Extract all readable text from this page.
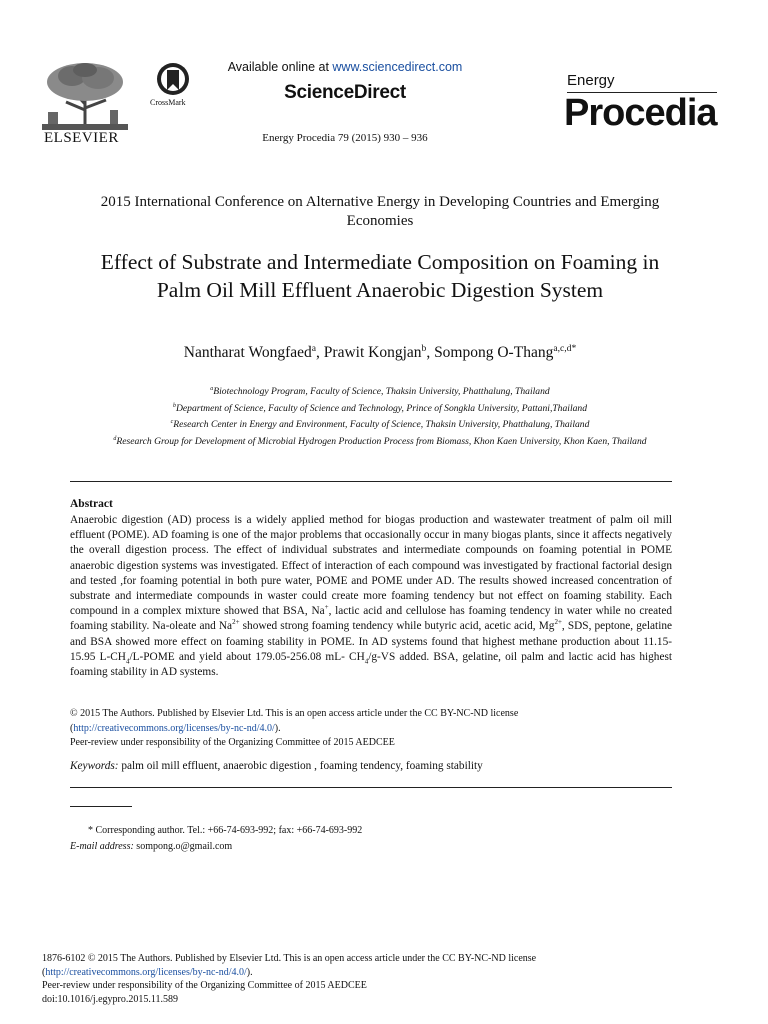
ELSEVIER
CrossMark
Available online at www.sciencedirect.com
ScienceDirect
Energy Procedia 79 (2015) 930 – 936
Energy
Procedia
2015 International Conference on Alternative Energy in Developing Countries and Emerging Economies
Effect of Substrate and Intermediate Composition on Foaming in Palm Oil Mill Effluent Anaerobic Digestion System
Nantharat Wongfaed$^a$, Prawit Kongjan$^b$, Sompong O-Thang$^{a,c,d*}$
$^a$Biotechnology Program, Faculty of Science, Thaksin University, Phatthalung, Thailand
$^b$Department of Science, Faculty of Science and Technology, Prince of Songkla University, Pattani,Thailand
$^c$Research Center in Energy and Environment, Faculty of Science, Thaksin University, Phatthalung, Thailand
$^d$Research Group for Development of Microbial Hydrogen Production Process from Biomass, Khon Kaen University, Khon Kaen, Thailand
Abstract
Anaerobic digestion (AD) process is a widely applied method for biogas production and wastewater treatment of palm oil mill effluent (POME). AD foaming is one of the major problems that occasionally occur in many biogas plants, since it affects negatively the overall digestion process. The effect of individual substrates and intermediate compounds on foaming potential in POME anaerobic digestion systems was investigated. Effect of interaction of each compound was investigated by fractional factorial design and tested ,for foaming potential in both pure water, POME and POME under AD. The results showed increased concentration of substrate and intermediate compounds in waster could create more foaming tendency but not effect on foaming stability. Each compound in a complex mixture showed that BSA, Na+, lactic acid and cellulose has foaming tendency in water while no created foaming stability. Na-oleate and $Na^{2+}$ showed strong foaming tendency while butyric acid, acetic acid, $Mg^{2+}$, SDS, peptone, gelatine and BSA showed more effect on foaming stability in POME. In AD systems found that highest methane production about 11.15-15.95 $L-CH_4/L$-POME and yield about 179.05-256.08 mL- $CH_4/g-VS$ added. BSA, gelatine, oil palm and lactic acid has highest foaming stability in AD systems.
© 2015 The Authors. Published by Elsevier Ltd. This is an open access article under the CC BY-NC-ND license
(http://creativecommons.org/licenses/by-nc-nd/4.0/).
Peer-review under responsibility of the Organizing Committee of 2015 AEDCEE
Keywords: palm oil mill effluent, anaerobic digestion , foaming tendency, foaming stability
* Corresponding author. Tel.: +66-74-693-992; fax: +66-74-693-992
E-mail address: sompong.o@gmail.com
1876-6102 © 2015 The Authors. Published by Elsevier Ltd. This is an open access article under the CC BY-NC-ND license
(http://creativecommons.org/licenses/by-nc-nd/4.0/).
Peer-review under responsibility of the Organizing Committee of 2015 AEDCEE
doi:10.1016/j.egypro.2015.11.589
